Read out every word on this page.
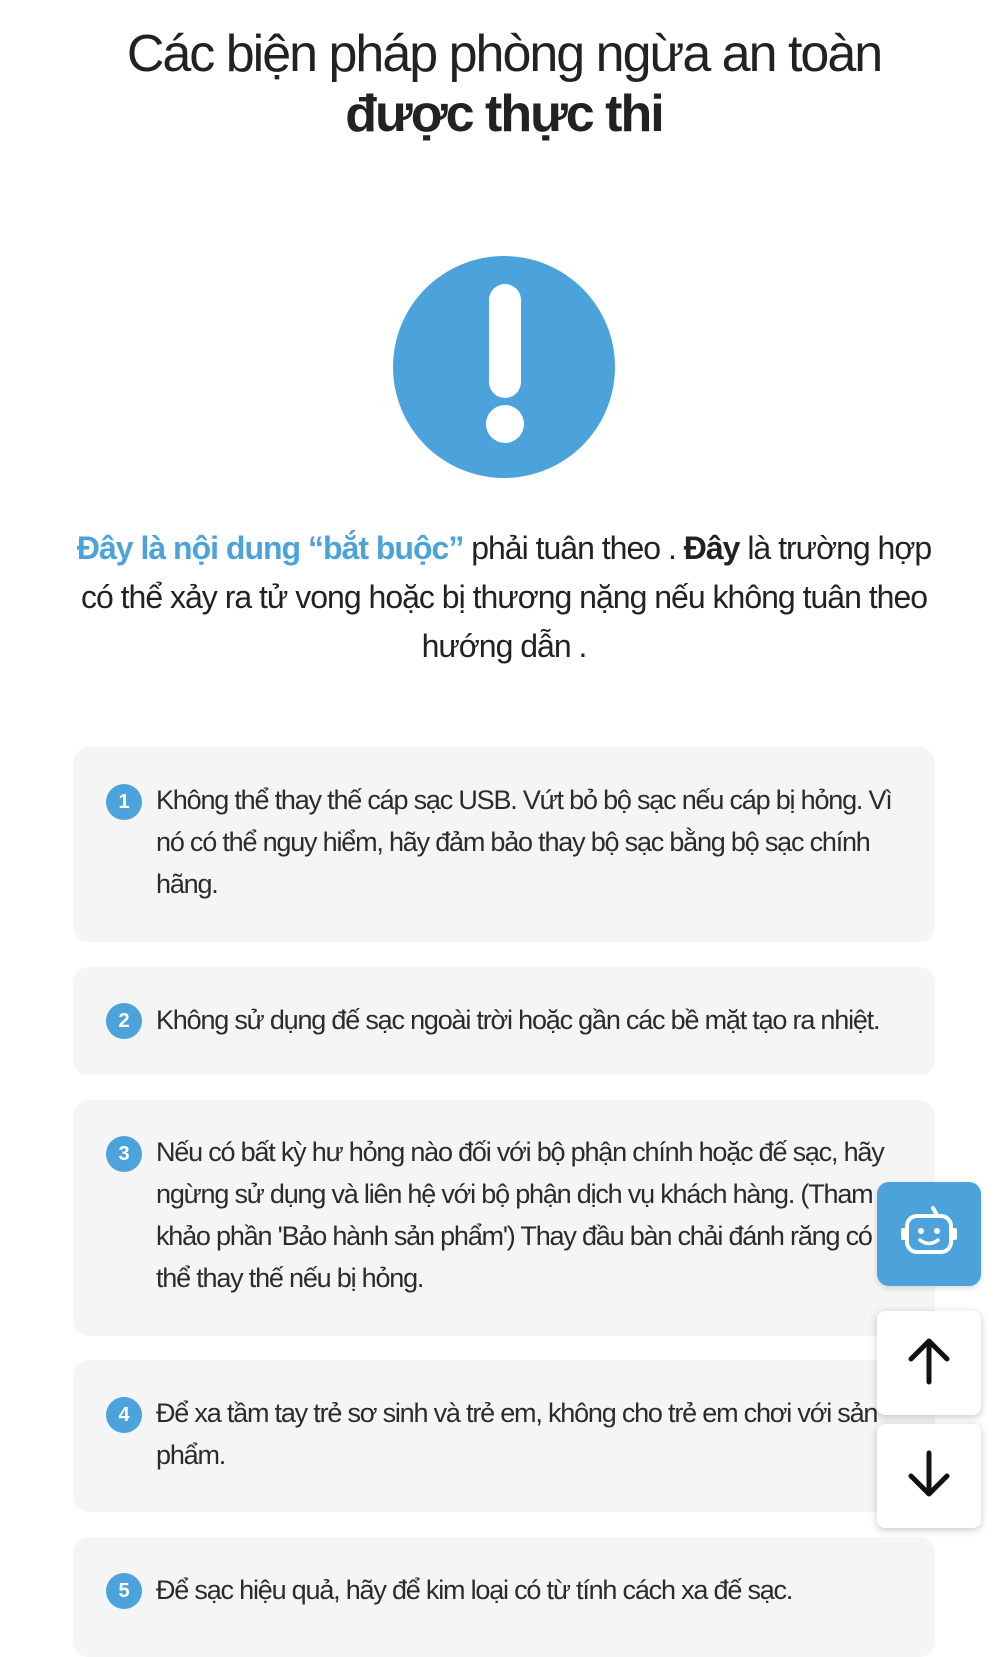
Các biện pháp phòng ngừa an toàn
được thực thi

Đây là nội dung “bắt buộc” phải tuân theo . Đây là trường hợp có thể xảy ra tử vong hoặc bị thương nặng nếu không tuân theo hướng dẫn .

1 Không thể thay thế cáp sạc USB. Vứt bỏ bộ sạc nếu cáp bị hỏng. Vì nó có thể nguy hiểm, hãy đảm bảo thay bộ sạc bằng bộ sạc chính hãng.
2 Không sử dụng đế sạc ngoài trời hoặc gần các bề mặt tạo ra nhiệt.
3 Nếu có bất kỳ hư hỏng nào đối với bộ phận chính hoặc đế sạc, hãy ngừng sử dụng và liên hệ với bộ phận dịch vụ khách hàng. (Tham khảo phần 'Bảo hành sản phẩm') Thay đầu bàn chải đánh răng có thể thay thế nếu bị hỏng.
4 Để xa tầm tay trẻ sơ sinh và trẻ em, không cho trẻ em chơi với sản phẩm.
5 Để sạc hiệu quả, hãy để kim loại có từ tính cách xa đế sạc.
